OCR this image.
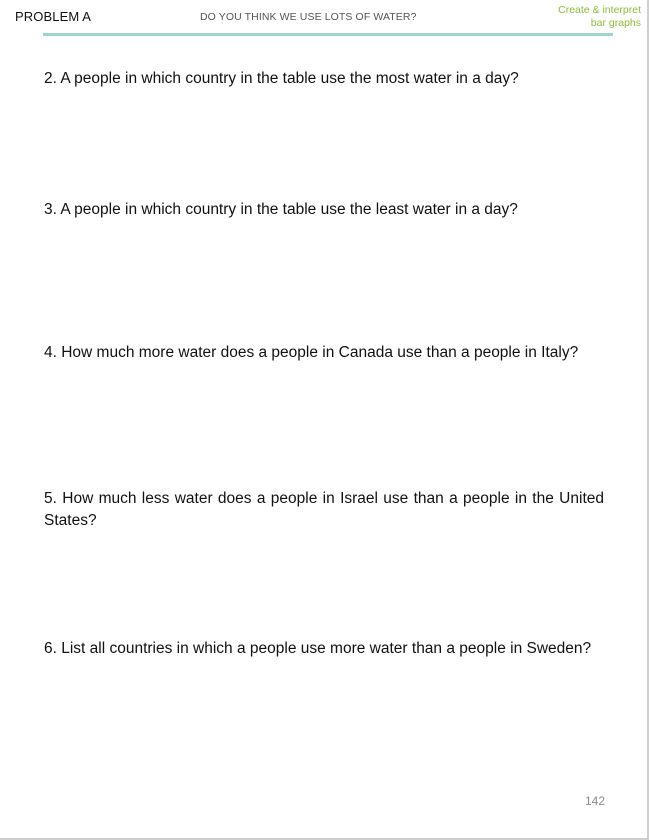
PROBLEM A	DO YOU THINK WE USE LOTS OF WATER?
Create & interpret
bar graphs
2. A people in which country in the table use the most water in a day?
3. A people in which country in the table use the least water in a day?
4. How much more water does a people in Canada use than a people in Italy?
5. How much less water does a people in Israel use than a people in the United States?
6. List all countries in which a people use more water than a people in Sweden?
142
